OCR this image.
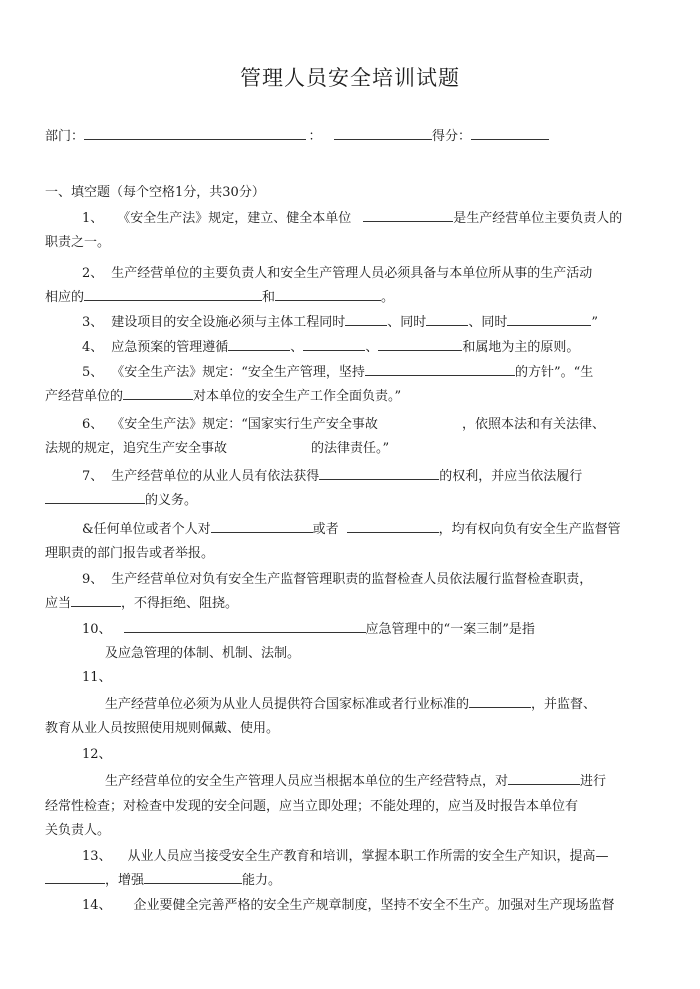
管理人员安全培训试题
部门：	：	得分：
一、填空题（每个空格1分，共30分）
1、 《安全生产法》规定，建立、健全本单位	是生产经营单位主要负责人的
职责之一。
2、 生产经营单位的主要负责人和安全生产管理人员必须具备与本单位所从事的生产活动
相应的	和	。
3、 建设项目的安全设施必须与主体工程同时	、同时	、同时	”
4、 应急预案的管理遵循	、	、	和属地为主的原则。
5、 《安全生产法》规定：“安全生产管理，坚持	的方针”。“生
产经营单位的	对本单位的安全生产工作全面负责。”
6、 《安全生产法》规定：“国家实行生产安全事故	，依照本法和有关法律、
法规的规定，追究生产安全事故	的法律责任。”
7、 生产经营单位的从业人员有依法获得	的权利，并应当依法履行
的义务。
&任何单位或者个人对	或者	，均有权向负有安全生产监督管
理职责的部门报告或者举报。
9、 生产经营单位对负有安全生产监督管理职责的监督检查人员依法履行监督检查职责，
应当	，不得拒绝、阻挠。
10、	应急管理中的“一案三制”是指
及应急管理的体制、机制、法制。
11、
生产经营单位必须为从业人员提供符合国家标准或者行业标准的	，并监督、
教育从业人员按照使用规则佩戴、使用。
12、
生产经营单位的安全生产管理人员应当根据本单位的生产经营特点，对	进行
经常性检查；对检查中发现的安全问题，应当立即处理；不能处理的，应当及时报告本单位有
关负责人。
13、 从业人员应当接受安全生产教育和培训，掌握本职工作所需的安全生产知识，提高—
，增强	能力。
14、 企业要健全完善严格的安全生产规章制度，坚持不安全不生产。加强对生产现场监督
